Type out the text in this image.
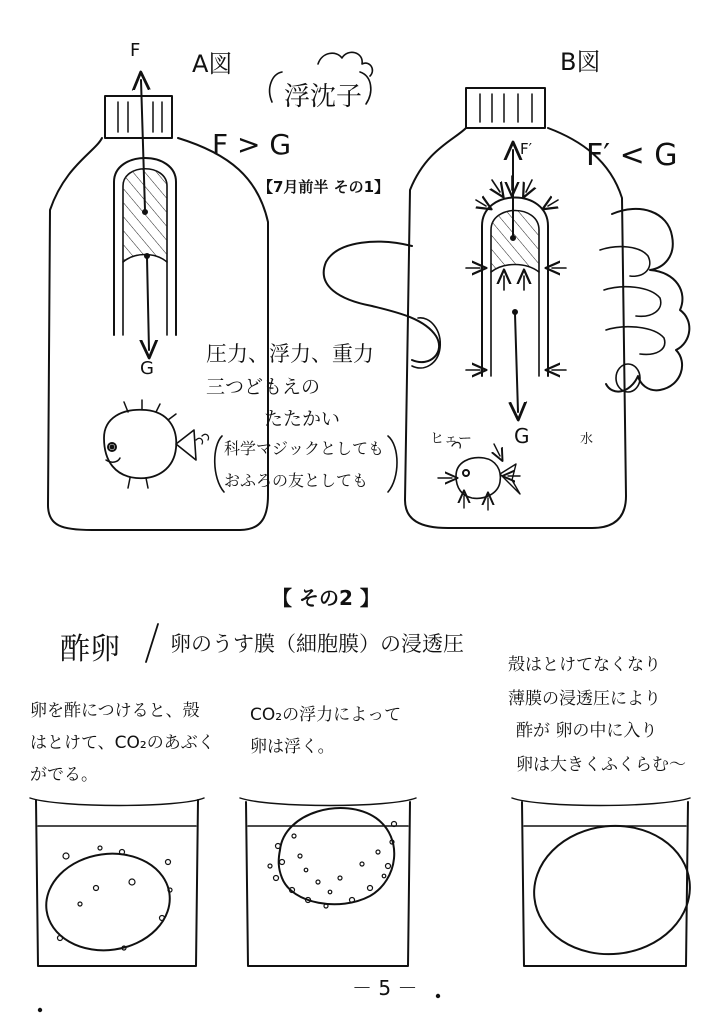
A図
F
G
F > G
浮沈子
【7月前半 その1】
B図
F′ F′ < G
G	水
ヒェー
圧力、浮力、重力
三つどもえの
たたかい
科学マジックとしても
おふろの友としても
【 その2 】
酢卵 卵のうす膜（細胞膜）の浸透圧
卵を酢につけると、殻
はとけて、CO₂のあぶく
がでる。
CO₂の浮力によって
卵は浮く。
殻はとけてなくなり
薄膜の浸透圧により
酢が 卵の中に入り
卵は大きくふくらむ～
－ 5 －
